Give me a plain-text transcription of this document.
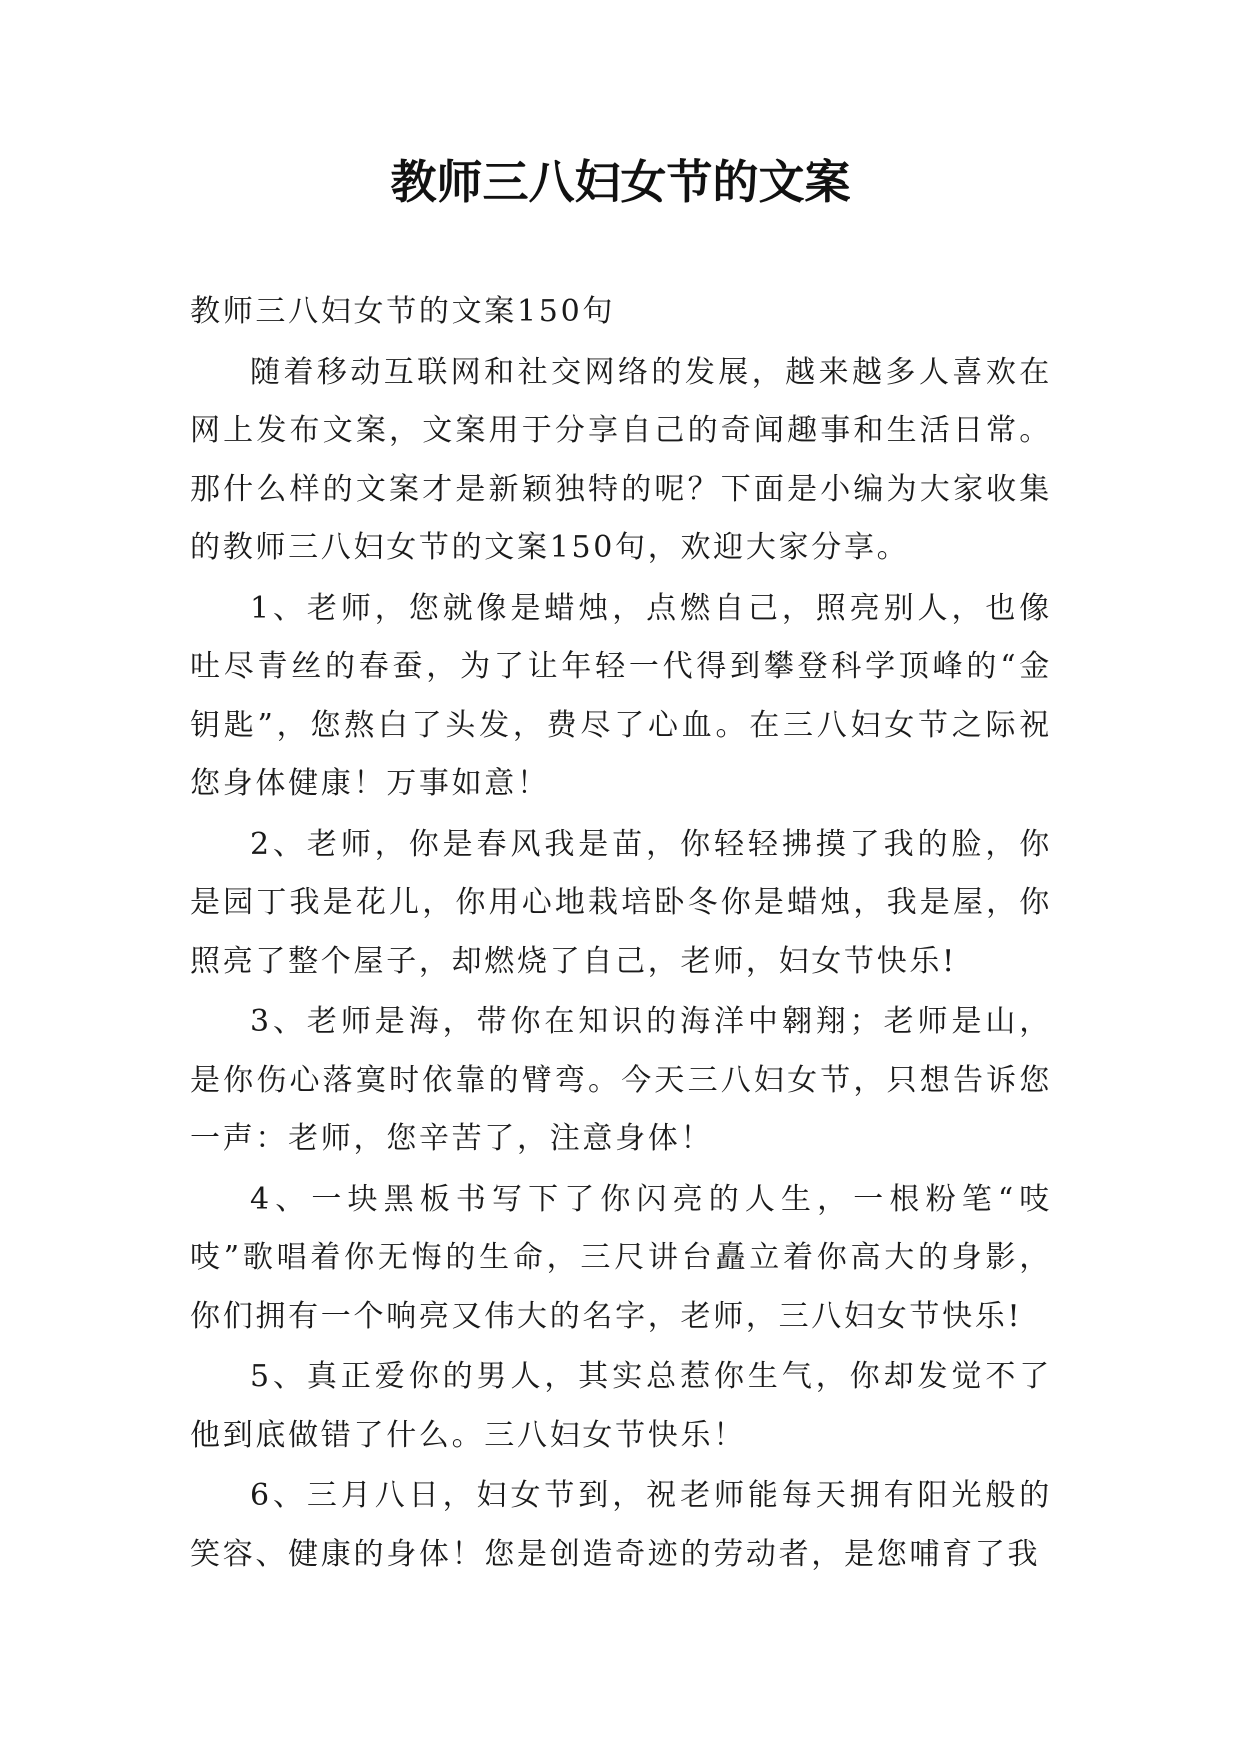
教师三八妇女节的文案

教师三八妇女节的文案150句

随着移动互联网和社交网络的发展，越来越多人喜欢在网上发布文案，文案用于分享自己的奇闻趣事和生活日常。那什么样的文案才是新颖独特的呢？下面是小编为大家收集的教师三八妇女节的文案150句，欢迎大家分享。

1、老师，您就像是蜡烛，点燃自己，照亮别人，也像吐尽青丝的春蚕，为了让年轻一代得到攀登科学顶峰的“金钥匙”，您熬白了头发，费尽了心血。在三八妇女节之际祝您身体健康！万事如意！

2、老师，你是春风我是苗，你轻轻拂摸了我的脸，你是园丁我是花儿，你用心地栽培卧冬你是蜡烛，我是屋，你照亮了整个屋子，却燃烧了自己，老师，妇女节快乐!

3、老师是海，带你在知识的海洋中翱翔；老师是山，是你伤心落寞时依靠的臂弯。今天三八妇女节，只想告诉您一声：老师，您辛苦了，注意身体！

4、一块黑板书写下了你闪亮的人生，一根粉笔“吱吱”歌唱着你无悔的生命，三尺讲台矗立着你高大的身影，你们拥有一个响亮又伟大的名字，老师，三八妇女节快乐!

5、真正爱你的男人，其实总惹你生气，你却发觉不了他到底做错了什么。三八妇女节快乐！

6、三月八日，妇女节到，祝老师能每天拥有阳光般的笑容、健康的身体！您是创造奇迹的劳动者，是您哺育了我
